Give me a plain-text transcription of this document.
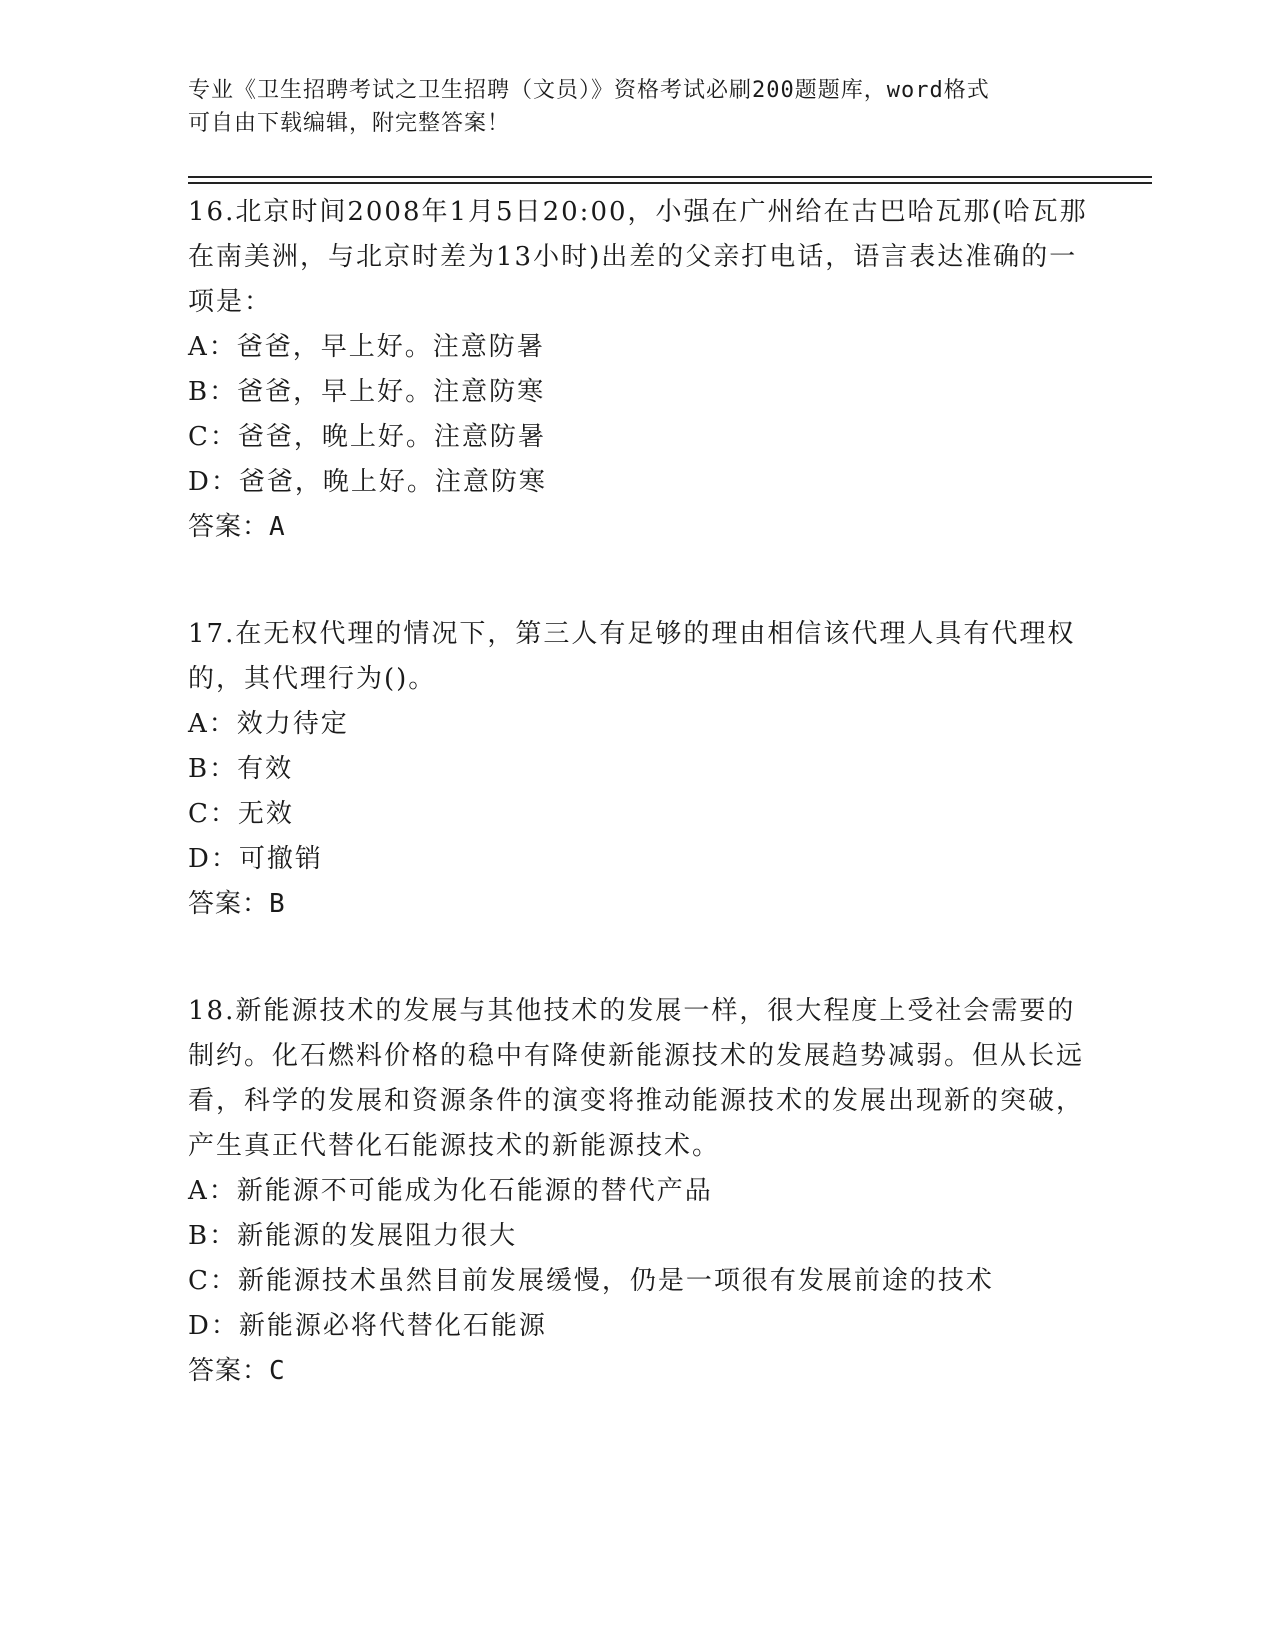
专业《卫生招聘考试之卫生招聘（文员）》资格考试必刷200题题库，word格式
可自由下载编辑，附完整答案！

16.北京时间2008年1月5日20:00，小强在广州给在古巴哈瓦那(哈瓦那在南美洲，与北京时差为13小时)出差的父亲打电话，语言表达准确的一项是：

A：爸爸，早上好。注意防暑

B：爸爸，早上好。注意防寒

C：爸爸，晚上好。注意防暑

D：爸爸，晚上好。注意防寒

答案：A

17.在无权代理的情况下，第三人有足够的理由相信该代理人具有代理权的，其代理行为()。

A：效力待定

B：有效

C：无效

D：可撤销

答案：B

18.新能源技术的发展与其他技术的发展一样，很大程度上受社会需要的制约。化石燃料价格的稳中有降使新能源技术的发展趋势减弱。但从长远看，科学的发展和资源条件的演变将推动能源技术的发展出现新的突破，产生真正代替化石能源技术的新能源技术。

A：新能源不可能成为化石能源的替代产品

B：新能源的发展阻力很大

C：新能源技术虽然目前发展缓慢，仍是一项很有发展前途的技术

D：新能源必将代替化石能源

答案：C
